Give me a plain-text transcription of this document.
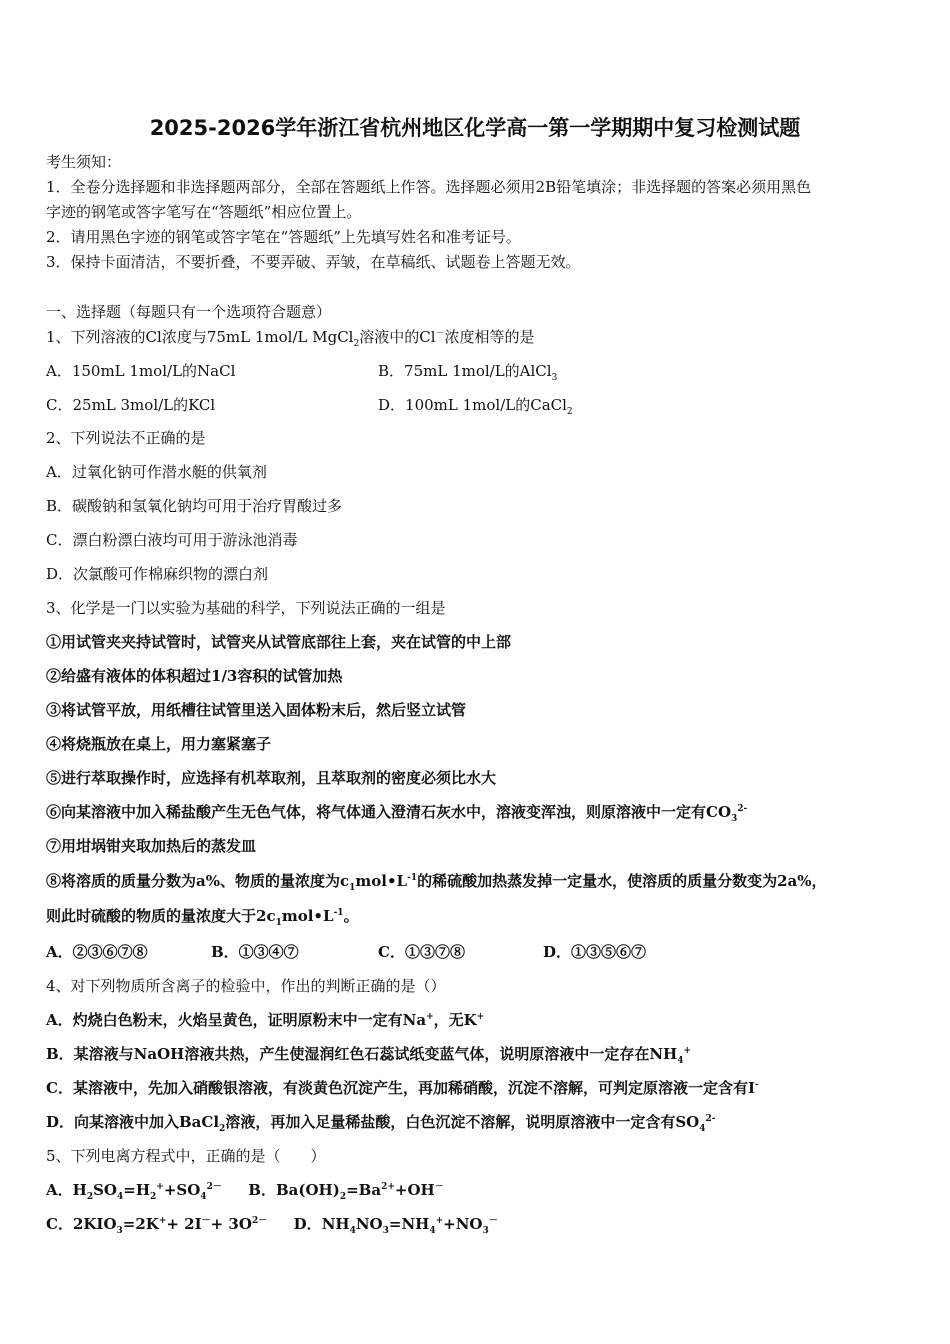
2025-2026学年浙江省杭州地区化学高一第一学期期中复习检测试题
考生须知：
1．全卷分选择题和非选择题两部分，全部在答题纸上作答。选择题必须用2B铅笔填涂；非选择题的答案必须用黑色
字迹的钢笔或答字笔写在“答题纸”相应位置上。
2．请用黑色字迹的钢笔或答字笔在“答题纸”上先填写姓名和准考证号。
3．保持卡面清洁，不要折叠，不要弄破、弄皱，在草稿纸、试题卷上答题无效。
一、选择题（每题只有一个选项符合题意）
1、下列溶液的Cl浓度与75mL 1mol/L MgCl$_2$溶液中的Cl－浓度相等的是
A．150mL 1mol/L的NaCl	B．75mL 1mol/L的AlCl$_3$
C．25mL 3mol/L的KCl	D．100mL 1mol/L的CaCl$_2$
2、下列说法不正确的是
A．过氧化钠可作潜水艇的供氧剂
B．碳酸钠和氢氧化钠均可用于治疗胃酸过多
C．漂白粉漂白液均可用于游泳池消毒
D．次氯酸可作棉麻织物的漂白剂
3、化学是一门以实验为基础的科学，下列说法正确的一组是
①用试管夹夹持试管时，试管夹从试管底部往上套，夹在试管的中上部
②给盛有液体的体积超过1/3容积的试管加热
③将试管平放，用纸槽往试管里送入固体粉末后，然后竖立试管
④将烧瓶放在桌上，用力塞紧塞子
⑤进行萃取操作时，应选择有机萃取剂，且萃取剂的密度必须比水大
⑥向某溶液中加入稀盐酸产生无色气体，将气体通入澄清石灰水中，溶液变浑浊，则原溶液中一定有$CO_3^{2-}$
⑦用坩埚钳夹取加热后的蒸发皿
⑧将溶质的质量分数为a%、物质的量浓度为$c_1mol•L^{-1}$的稀硫酸加热蒸发掉一定量水，使溶质的质量分数变为2a%，
则此时硫酸的物质的量浓度大于$2c_1mol•L^{-1}$。
A．②③⑥⑦⑧	B．①③④⑦	C．①③⑦⑧	D．①③⑤⑥⑦
4、对下列物质所含离子的检验中，作出的判断正确的是（）
A．灼烧白色粉末，火焰呈黄色，证明原粉末中一定有Na+，无K+
B．某溶液与NaOH溶液共热，产生使湿润红色石蕊试纸变蓝气体，说明原溶液中一定存在$NH_4^+$
C．某溶液中，先加入硝酸银溶液，有淡黄色沉淀产生，再加稀硝酸，沉淀不溶解，可判定原溶液一定含有I-
D．向某溶液中加入BaCl$_2$溶液，再加入足量稀盐酸，白色沉淀不溶解，说明原溶液中一定含有$SO_4^{2-}$
5、下列电离方程式中，正确的是（　　）
A．$H_2SO_4=H_2^++SO_4^{2-}$ B．$Ba(OH)_2=Ba^{2+}+OH^-$
C．$2KIO_3=2K^++ 2I^-+ 3O^{2-}$ D．$NH_4NO_3=NH_4^++NO_3^-$
